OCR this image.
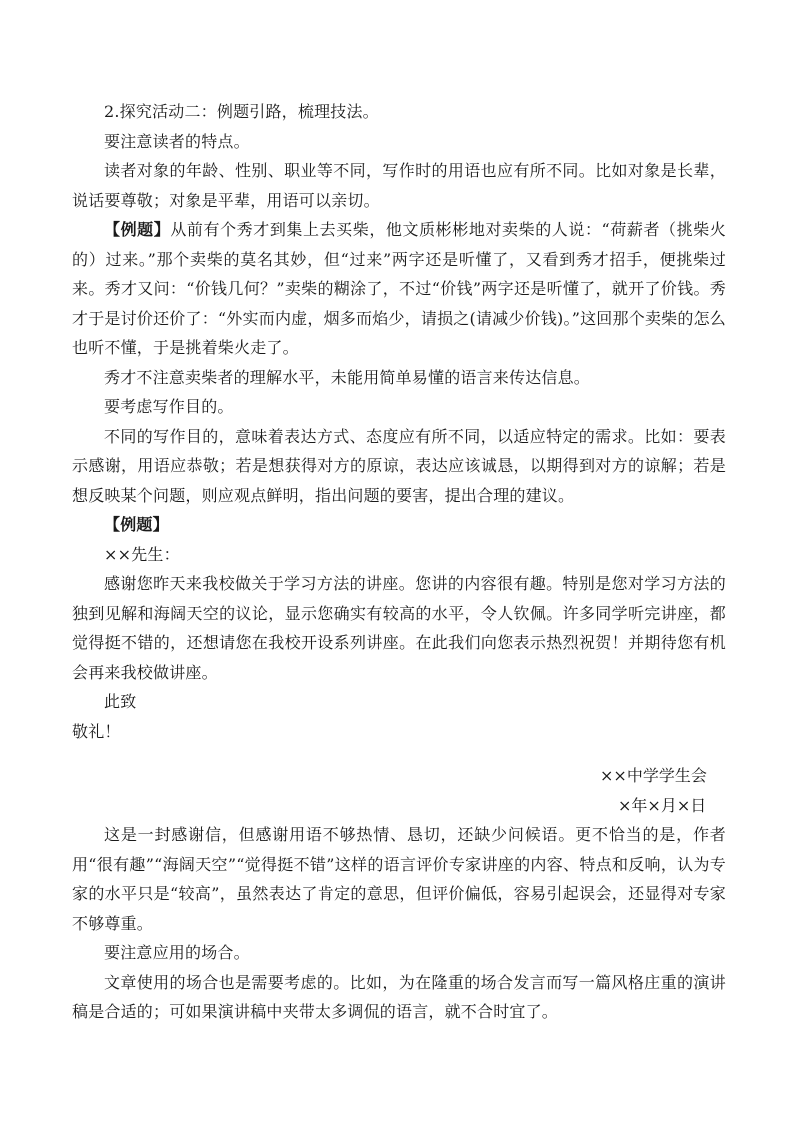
2.探究活动二：例题引路，梳理技法。

要注意读者的特点。

读者对象的年龄、性别、职业等不同，写作时的用语也应有所不同。比如对象是长辈，说话要尊敬；对象是平辈，用语可以亲切。

【例题】从前有个秀才到集上去买柴，他文质彬彬地对卖柴的人说：“荷薪者（挑柴火的）过来。”那个卖柴的莫名其妙，但“过来”两字还是听懂了，又看到秀才招手，便挑柴过来。秀才又问：“价钱几何？”卖柴的糊涂了，不过“价钱”两字还是听懂了，就开了价钱。秀才于是讨价还价了：“外实而内虚，烟多而焰少，请损之(请减少价钱)。”这回那个卖柴的怎么也听不懂，于是挑着柴火走了。

秀才不注意卖柴者的理解水平，未能用简单易懂的语言来传达信息。

要考虑写作目的。

不同的写作目的，意味着表达方式、态度应有所不同，以适应特定的需求。比如：要表示感谢，用语应恭敬；若是想获得对方的原谅，表达应该诚恳，以期得到对方的谅解；若是想反映某个问题，则应观点鲜明，指出问题的要害，提出合理的建议。

【例题】

××先生：

感谢您昨天来我校做关于学习方法的讲座。您讲的内容很有趣。特别是您对学习方法的独到见解和海阔天空的议论，显示您确实有较高的水平，令人钦佩。许多同学听完讲座，都觉得挺不错的，还想请您在我校开设系列讲座。在此我们向您表示热烈祝贺！并期待您有机会再来我校做讲座。

此致

敬礼！

××中学学生会
×年×月×日

这是一封感谢信，但感谢用语不够热情、恳切，还缺少问候语。更不恰当的是，作者用“很有趣”“海阔天空”“觉得挺不错”这样的语言评价专家讲座的内容、特点和反响，认为专家的水平只是“较高”，虽然表达了肯定的意思，但评价偏低，容易引起误会，还显得对专家不够尊重。

要注意应用的场合。

文章使用的场合也是需要考虑的。比如，为在隆重的场合发言而写一篇风格庄重的演讲稿是合适的；可如果演讲稿中夹带太多调侃的语言，就不合时宜了。
